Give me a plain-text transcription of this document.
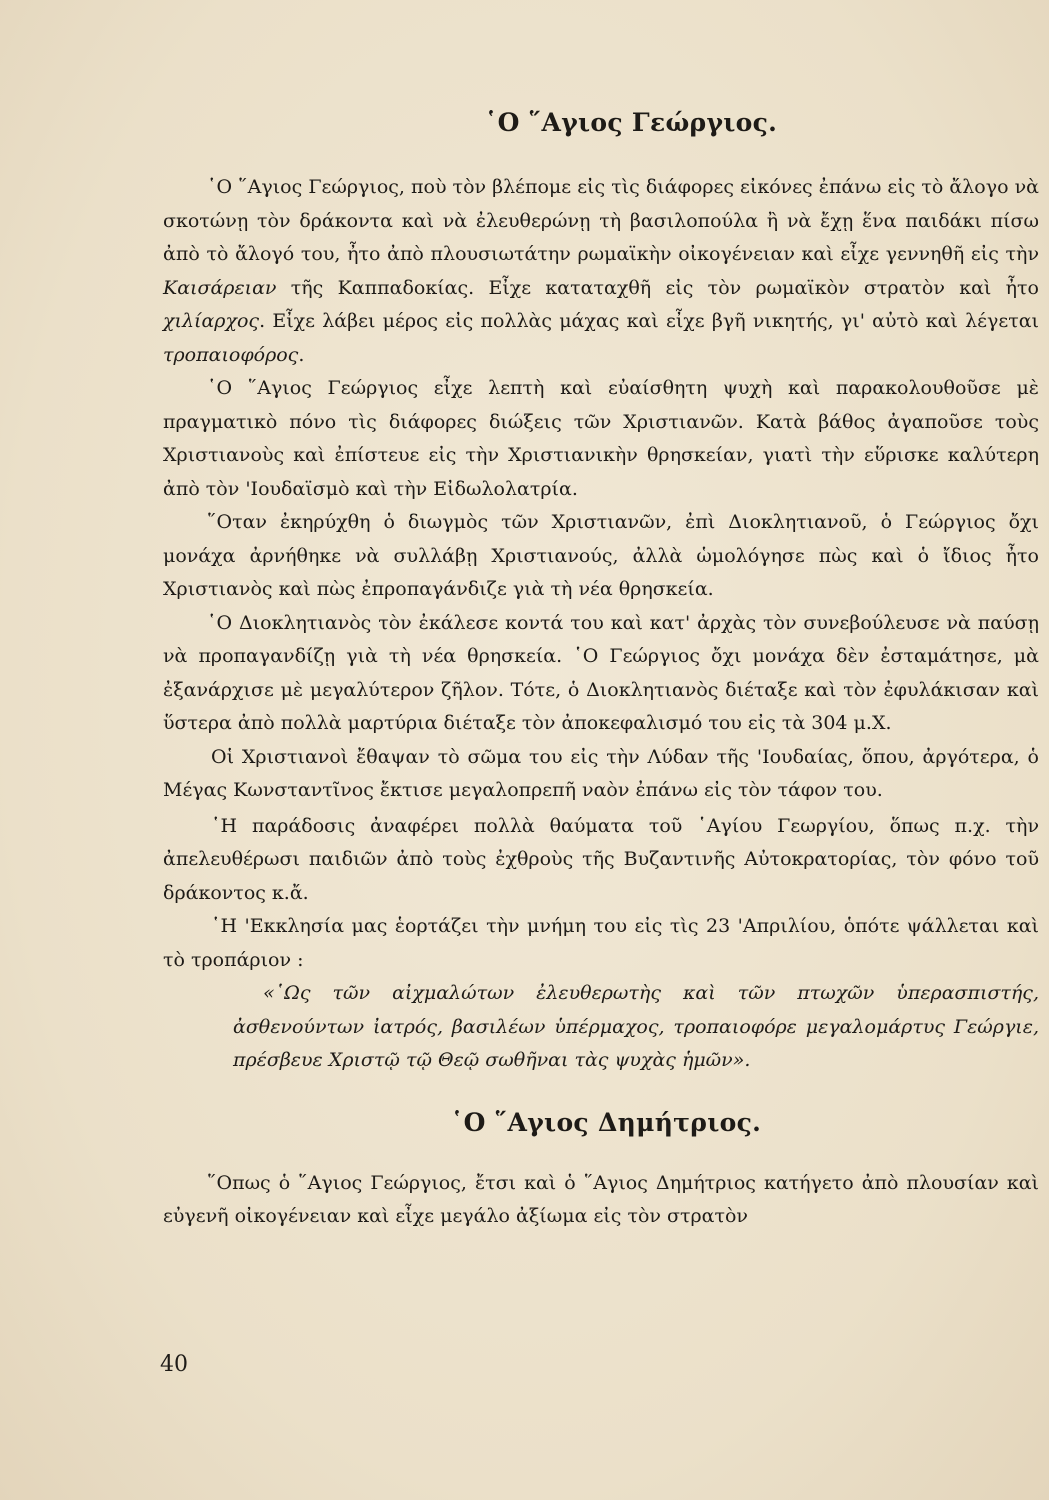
῾Ο ῞Αγιος Γεώργιος.

῾Ο ῞Αγιος Γεώργιος, ποὺ τὸν βλέπομε εἰς τὶς διάφορες εἰκόνες ἐπάνω εἰς τὸ ἄλογο νὰ σκοτώνῃ τὸν δράκοντα καὶ νὰ ἐλευθερώνῃ τὴ βασιλοπούλα ἢ νὰ ἔχῃ ἕνα παιδάκι πίσω ἀπὸ τὸ ἄλογό του, ἦτο ἀπὸ πλουσιωτάτην ρωμαϊκὴν οἰκογένειαν καὶ εἶχε γεννηθῆ εἰς τὴν Καισάρειαν τῆς Καππαδοκίας. Εἶχε καταταχθῆ εἰς τὸν ρωμαϊκὸν στρατὸν καὶ ἦτο χιλίαρχος. Εἶχε λάβει μέρος εἰς πολλὰς μάχας καὶ εἶχε βγῆ νικητής, γι' αὐτὸ καὶ λέγεται τροπαιοφόρος.

῾Ο ῞Αγιος Γεώργιος εἶχε λεπτὴ καὶ εὐαίσθητη ψυχὴ καὶ παρακολουθοῦσε μὲ πραγματικὸ πόνο τὶς διάφορες διώξεις τῶν Χριστιανῶν. Κατὰ βάθος ἀγαποῦσε τοὺς Χριστιανοὺς καὶ ἐπίστευε εἰς τὴν Χριστιανικὴν θρησκείαν, γιατὶ τὴν εὕρισκε καλύτερη ἀπὸ τὸν 'Ιουδαϊσμὸ καὶ τὴν Εἰδωλολατρία.

῞Οταν ἐκηρύχθη ὁ διωγμὸς τῶν Χριστιανῶν, ἐπὶ Διοκλητιανοῦ, ὁ Γεώργιος ὄχι μονάχα ἀρνήθηκε νὰ συλλάβῃ Χριστιανούς, ἀλλὰ ὡμολόγησε πὼς καὶ ὁ ἴδιος ἦτο Χριστιανὸς καὶ πὼς ἐπροπαγάνδιζε γιὰ τὴ νέα θρησκεία.

῾Ο Διοκλητιανὸς τὸν ἐκάλεσε κοντά του καὶ κατ' ἀρχὰς τὸν συνεβούλευσε νὰ παύσῃ νὰ προπαγανδίζῃ γιὰ τὴ νέα θρησκεία. ῾Ο Γεώργιος ὄχι μονάχα δὲν ἐσταμάτησε, μὰ ἐξανάρχισε μὲ μεγαλύτερον ζῆλον. Τότε, ὁ Διοκλητιανὸς διέταξε καὶ τὸν ἐφυλάκισαν καὶ ὕστερα ἀπὸ πολλὰ μαρτύρια διέταξε τὸν ἀποκεφαλισμό του εἰς τὰ 304 μ.Χ.

Οἱ Χριστιανοὶ ἔθαψαν τὸ σῶμα του εἰς τὴν Λύδαν τῆς 'Ιουδαίας, ὅπου, ἀργότερα, ὁ Μέγας Κωνσταντῖνος ἔκτισε μεγαλοπρεπῆ ναὸν ἐπάνω εἰς τὸν τάφον του.

῾Η παράδοσις ἀναφέρει πολλὰ θαύματα τοῦ ῾Αγίου Γεωργίου, ὅπως π.χ. τὴν ἀπελευθέρωσι παιδιῶν ἀπὸ τοὺς ἐχθροὺς τῆς Βυζαντινῆς Αὐτοκρατορίας, τὸν φόνο τοῦ δράκοντος κ.ἄ.

῾Η 'Εκκλησία μας ἑορτάζει τὴν μνήμη του εἰς τὶς 23 'Απριλίου, ὁπότε ψάλλεται καὶ τὸ τροπάριον :

«῾Ως τῶν αἰχμαλώτων ἐλευθερωτὴς καὶ τῶν πτωχῶν ὑπερασπιστής, ἀσθενούντων ἰατρός, βασιλέων ὑπέρμαχος, τροπαιοφόρε μεγαλομάρτυς Γεώργιε, πρέσβευε Χριστῷ τῷ Θεῷ σωθῆναι τὰς ψυχὰς ἡμῶν».

῾Ο ῞Αγιος Δημήτριος.

῞Οπως ὁ ῞Αγιος Γεώργιος, ἔτσι καὶ ὁ ῞Αγιος Δημήτριος κατήγετο ἀπὸ πλουσίαν καὶ εὐγενῆ οἰκογένειαν καὶ εἶχε μεγάλο ἀξίωμα εἰς τὸν στρατὸν

40
